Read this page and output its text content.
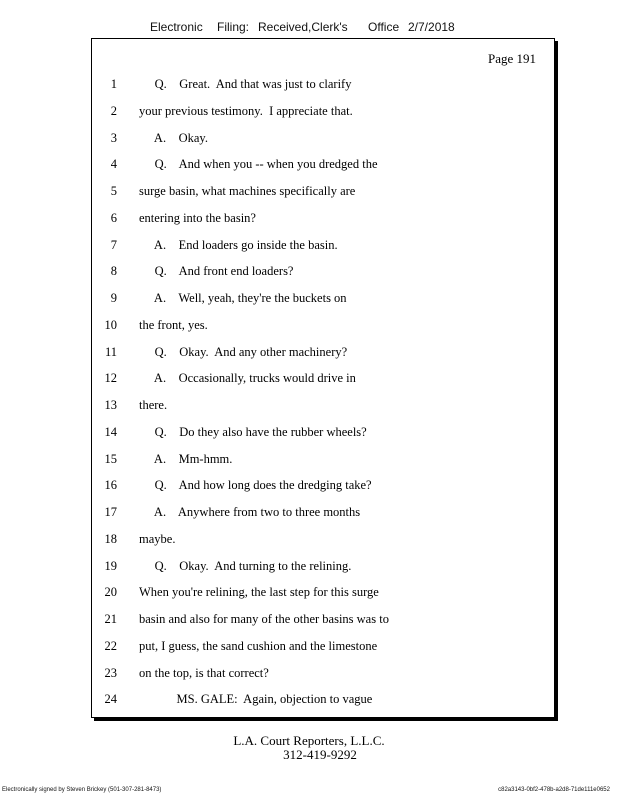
Electronic Filing: Received,Clerk's Office 2/7/2018
Page 191
1 Q.    Great.  And that was just to clarify
2 your previous testimony.  I appreciate that.
3 A.    Okay.
4 Q.    And when you -- when you dredged the
5 surge basin, what machines specifically are
6 entering into the basin?
7 A.    End loaders go inside the basin.
8 Q.    And front end loaders?
9 A.    Well, yeah, they're the buckets on
10 the front, yes.
11 Q.    Okay.  And any other machinery?
12 A.    Occasionally, trucks would drive in
13 there.
14 Q.    Do they also have the rubber wheels?
15 A.    Mm-hmm.
16 Q.    And how long does the dredging take?
17 A.    Anywhere from two to three months
18 maybe.
19 Q.    Okay.  And turning to the relining.
20 When you're relining, the last step for this surge
21 basin and also for many of the other basins was to
22 put, I guess, the sand cushion and the limestone
23 on the top, is that correct?
24 MS. GALE:  Again, objection to vague
L.A. Court Reporters, L.L.C.
312-419-9292
Electronically signed by Steven Brickey (501-307-281-8473)	c82a3143-0bf2-478b-a2d8-71de111e0652
